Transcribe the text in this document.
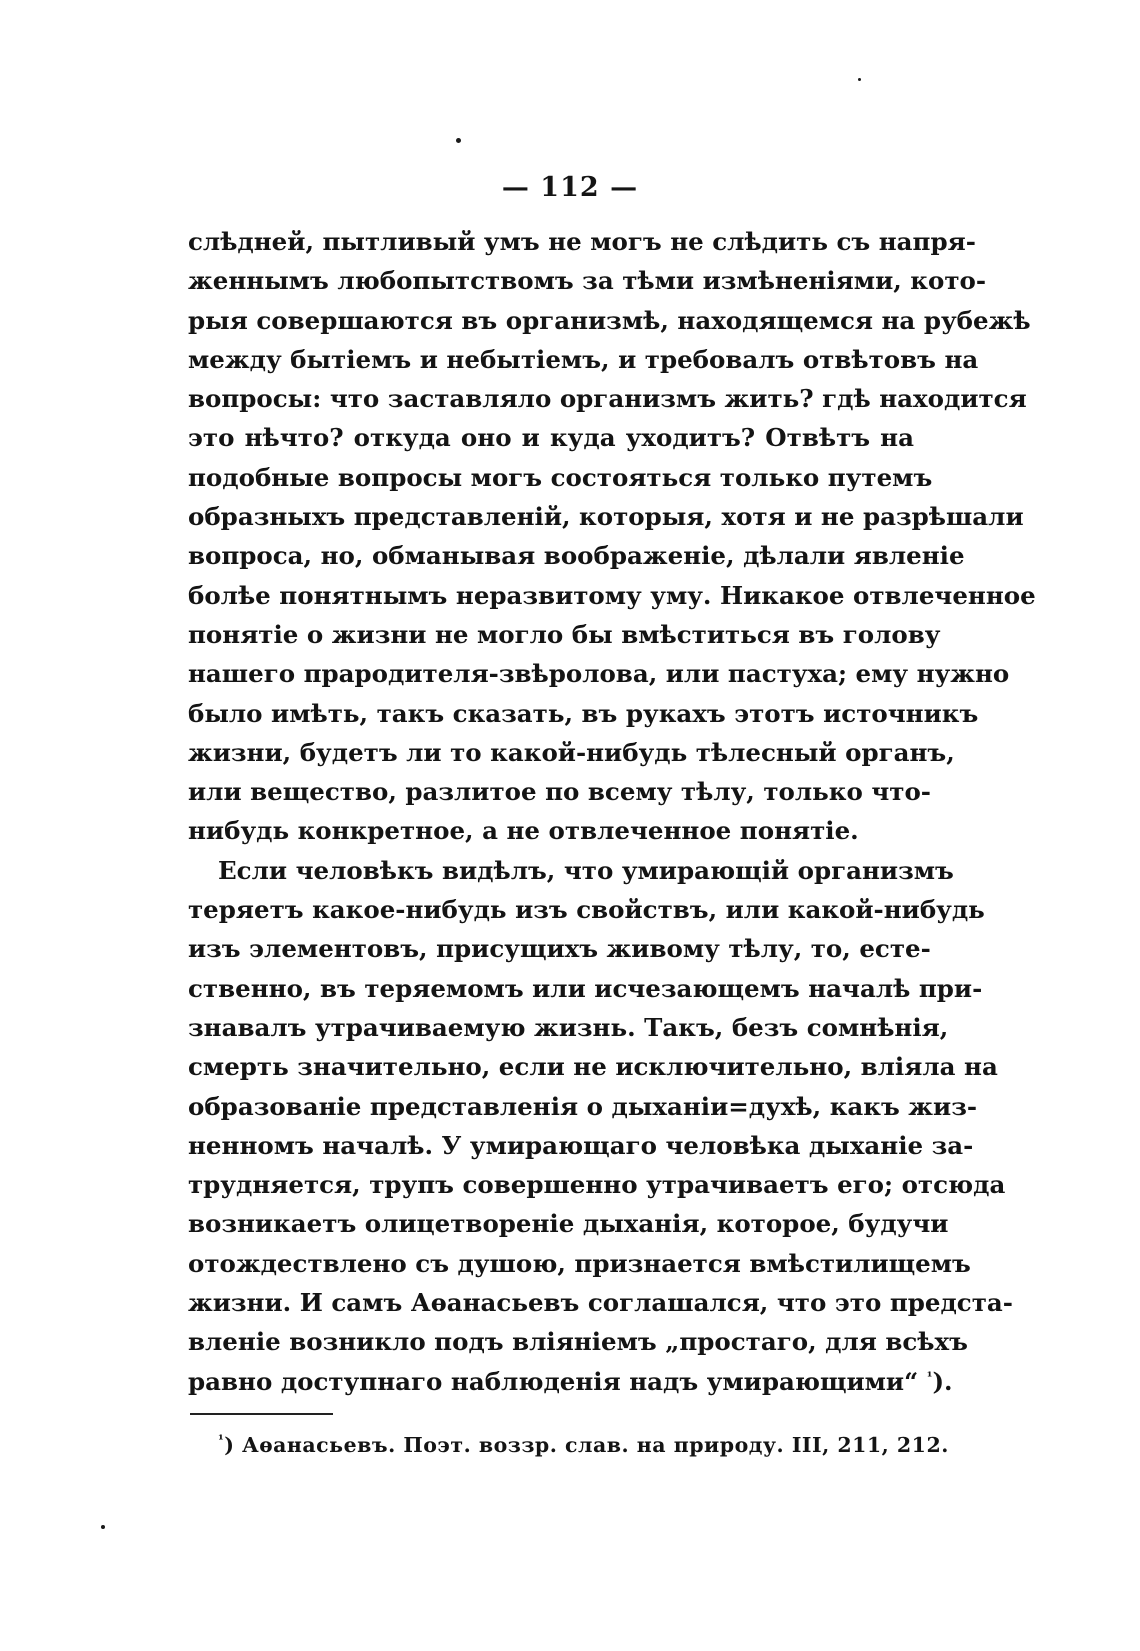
— 112 —
слѣдней, пытливый умъ не могъ не слѣдить съ напря-
женнымъ любопытствомъ за тѣми измѣненіями, кото-
рыя совершаются въ организмѣ, находящемся на рубежѣ
между бытіемъ и небытіемъ, и требовалъ отвѣтовъ на
вопросы: что заставляло организмъ жить? гдѣ находится
это нѣчто? откуда оно и куда уходитъ? Отвѣтъ на
подобные вопросы могъ состояться только путемъ
образныхъ представленій, которыя, хотя и не разрѣшали
вопроса, но, обманывая воображеніе, дѣлали явленіе
болѣе понятнымъ неразвитому уму. Никакое отвлеченное
понятіе о жизни не могло бы вмѣститься въ голову
нашего прародителя-звѣролова, или пастуха; ему нужно
было имѣть, такъ сказать, въ рукахъ этотъ источникъ
жизни, будетъ ли то какой-нибудь тѣлесный органъ,
или вещество, разлитое по всему тѣлу, только что-
нибудь конкретное, а не отвлеченное понятіе.
Если человѣкъ видѣлъ, что умирающій организмъ
теряетъ какое-нибудь изъ свойствъ, или какой-нибудь
изъ элементовъ, присущихъ живому тѣлу, то, есте-
ственно, въ теряемомъ или исчезающемъ началѣ при-
знавалъ утрачиваемую жизнь. Такъ, безъ сомнѣнія,
смерть значительно, если не исключительно, вліяла на
образованіе представленія о дыханіи=духѣ, какъ жиз-
ненномъ началѣ. У умирающаго человѣка дыханіе за-
трудняется, трупъ совершенно утрачиваетъ его; отсюда
возникаетъ олицетвореніе дыханія, которое, будучи
отождествлено съ душою, признается вмѣстилищемъ
жизни. И самъ Аѳанасьевъ соглашался, что это предста-
вленіе возникло подъ вліяніемъ „простаго, для всѣхъ
равно доступнаго наблюденія надъ умирающими“ $^{^1}$).
$^{^1}$) Аѳанасьевъ. Поэт. воззр. слав. на природу. III, 211, 212.
